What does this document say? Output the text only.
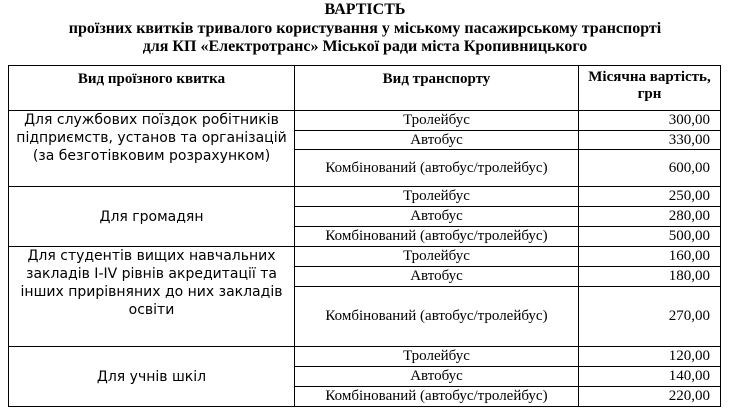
ВАРТІСТЬ
проїзних квитків тривалого користування у міському пасажирському транспорті
для КП «Електротранс» Міської ради міста Кропивницького
Вид проїзного квитка	Вид транспорту	Місячна вартість, грн
Для службових поїздок робітників підприємств, установ та організацій (за безготівковим розрахунком)	Тролейбус	300,00
	Автобус	330,00
	Комбінований (автобус/тролейбус)	600,00
Для громадян	Тролейбус	250,00
	Автобус	280,00
	Комбінований (автобус/тролейбус)	500,00
Для студентів вищих навчальних закладів I-IV рівнів акредитації та інших прирівняних до них закладів освіти	Тролейбус	160,00
	Автобус	180,00
	Комбінований (автобус/тролейбус)	270,00
Для учнів шкіл	Тролейбус	120,00
	Автобус	140,00
	Комбінований (автобус/тролейбус)	220,00
